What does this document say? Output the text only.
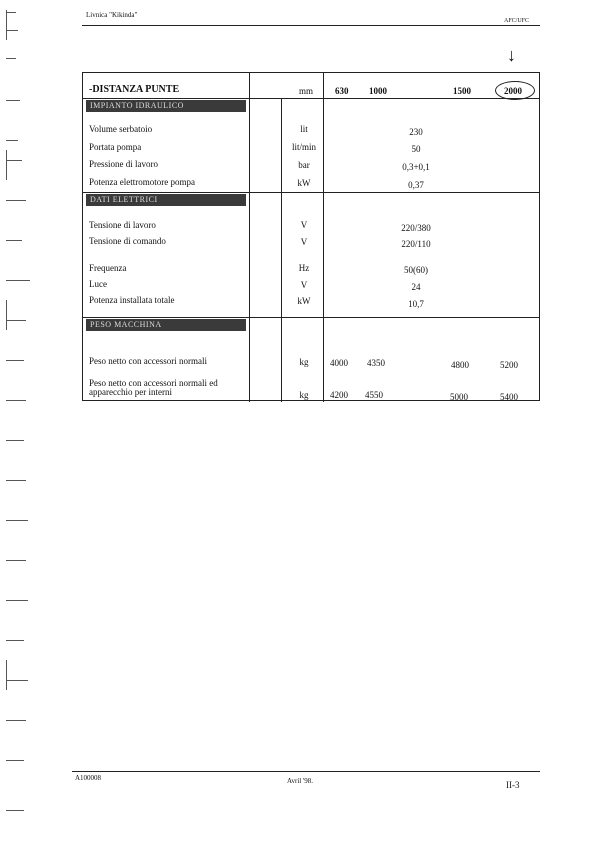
Livnica "Kikinda"
AFC/UFC
↓
-DISTANZA PUNTE	mm 630 1000	1500	2000
IMPIANTO IDRAULICO
Volume serbatoio	lit	230
Portata pompa	lit/min	50
Pressione di lavoro	bar	0,3+0,1
Potenza elettromotore pompa	kW	0,37
DATI ELETTRICI
Tensione di lavoro	V	220/380
Tensione di comando	V	220/110
Frequenza	Hz	50(60)
Luce	V	24
Potenza installata totale	kW	10,7
PESO MACCHINA
Peso netto con accessori normali	kg	4000 4350	4800	5200
Peso netto con accessori normali ed
apparecchio per interni	kg	4200 4550	5000	5400
A100008	Avril '98.	II-3
